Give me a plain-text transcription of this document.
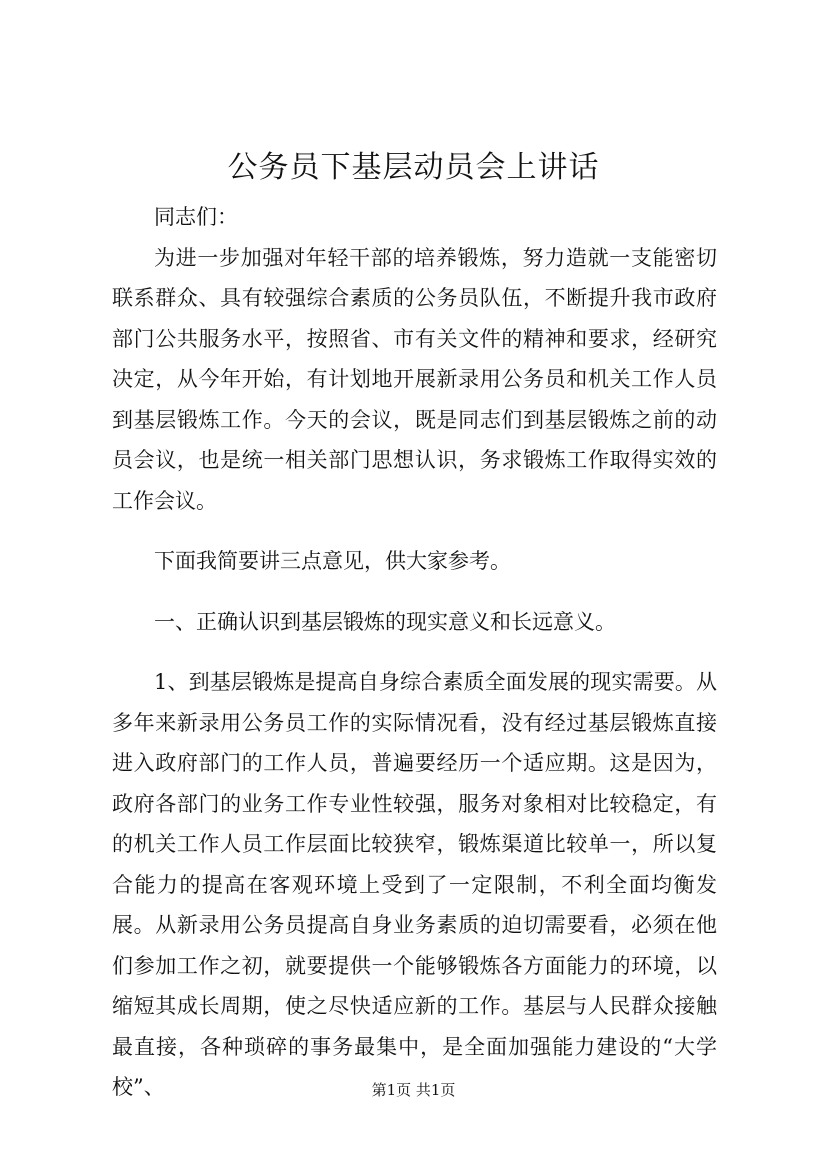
公务员下基层动员会上讲话

同志们：

为进一步加强对年轻干部的培养锻炼，努力造就一支能密切联系群众、具有较强综合素质的公务员队伍，不断提升我市政府部门公共服务水平，按照省、市有关文件的精神和要求，经研究决定，从今年开始，有计划地开展新录用公务员和机关工作人员到基层锻炼工作。今天的会议，既是同志们到基层锻炼之前的动员会议，也是统一相关部门思想认识，务求锻炼工作取得实效的工作会议。

下面我简要讲三点意见，供大家参考。

一、正确认识到基层锻炼的现实意义和长远意义。

1、到基层锻炼是提高自身综合素质全面发展的现实需要。从多年来新录用公务员工作的实际情况看，没有经过基层锻炼直接进入政府部门的工作人员，普遍要经历一个适应期。这是因为，政府各部门的业务工作专业性较强，服务对象相对比较稳定，有的机关工作人员工作层面比较狭窄，锻炼渠道比较单一，所以复合能力的提高在客观环境上受到了一定限制，不利全面均衡发展。从新录用公务员提高自身业务素质的迫切需要看，必须在他们参加工作之初，就要提供一个能够锻炼各方面能力的环境，以缩短其成长周期，使之尽快适应新的工作。基层与人民群众接触最直接，各种琐碎的事务最集中，是全面加强能力建设的“大学校”、	第1页 共1页
